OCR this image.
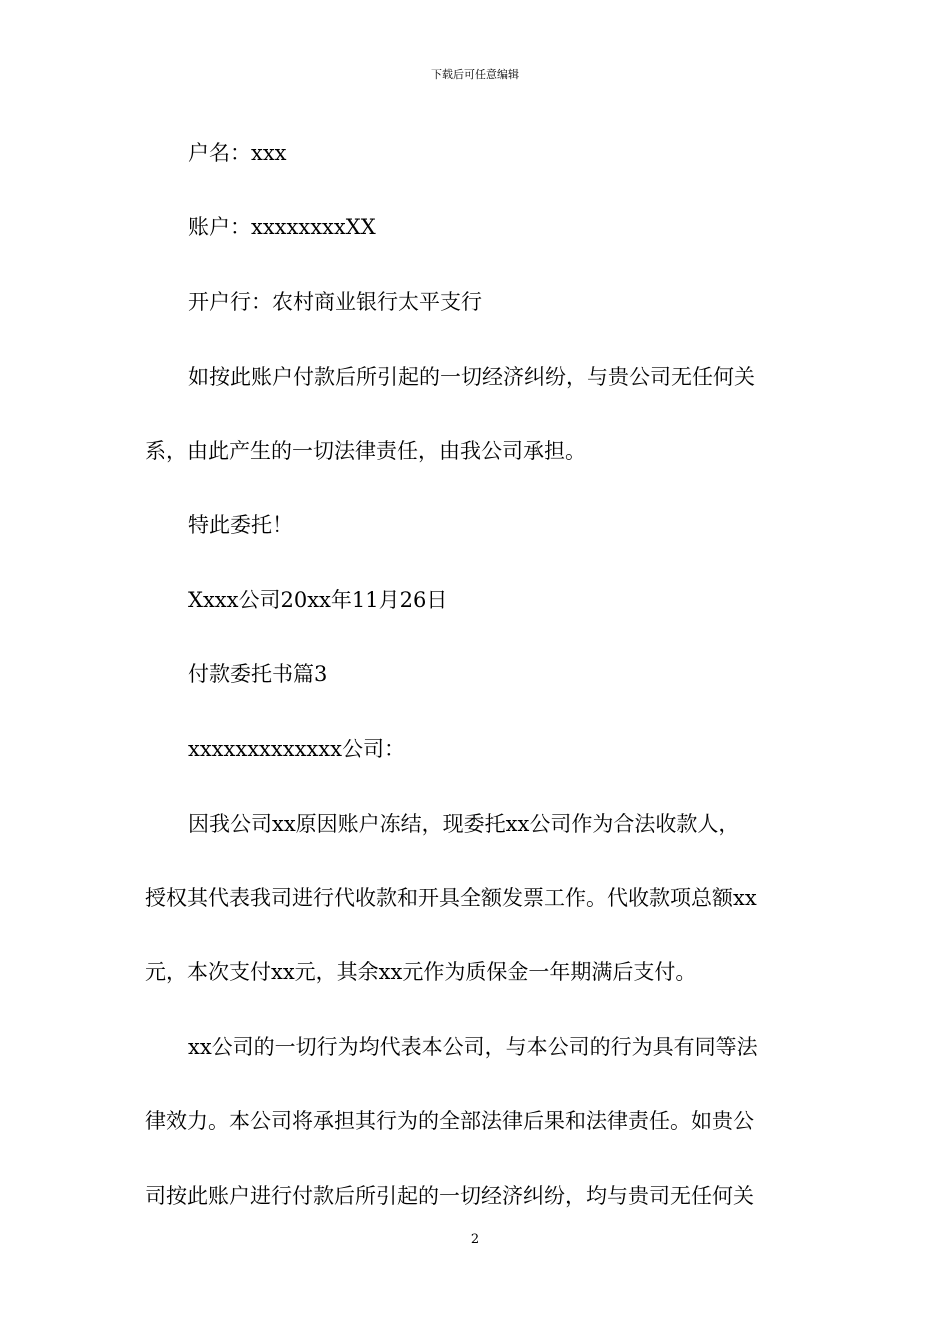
下载后可任意编辑
户名：xxx
账户：xxxxxxxxXX
开户行：农村商业银行太平支行
如按此账户付款后所引起的一切经济纠纷，与贵公司无任何关
系，由此产生的一切法律责任，由我公司承担。
特此委托！
Xxxx公司20xx年11月26日
付款委托书篇3
xxxxxxxxxxxxx公司：
因我公司xx原因账户冻结，现委托xx公司作为合法收款人，
授权其代表我司进行代收款和开具全额发票工作。代收款项总额xx
元，本次支付xx元，其余xx元作为质保金一年期满后支付。
xx公司的一切行为均代表本公司，与本公司的行为具有同等法
律效力。本公司将承担其行为的全部法律后果和法律责任。如贵公
司按此账户进行付款后所引起的一切经济纠纷，均与贵司无任何关
2
